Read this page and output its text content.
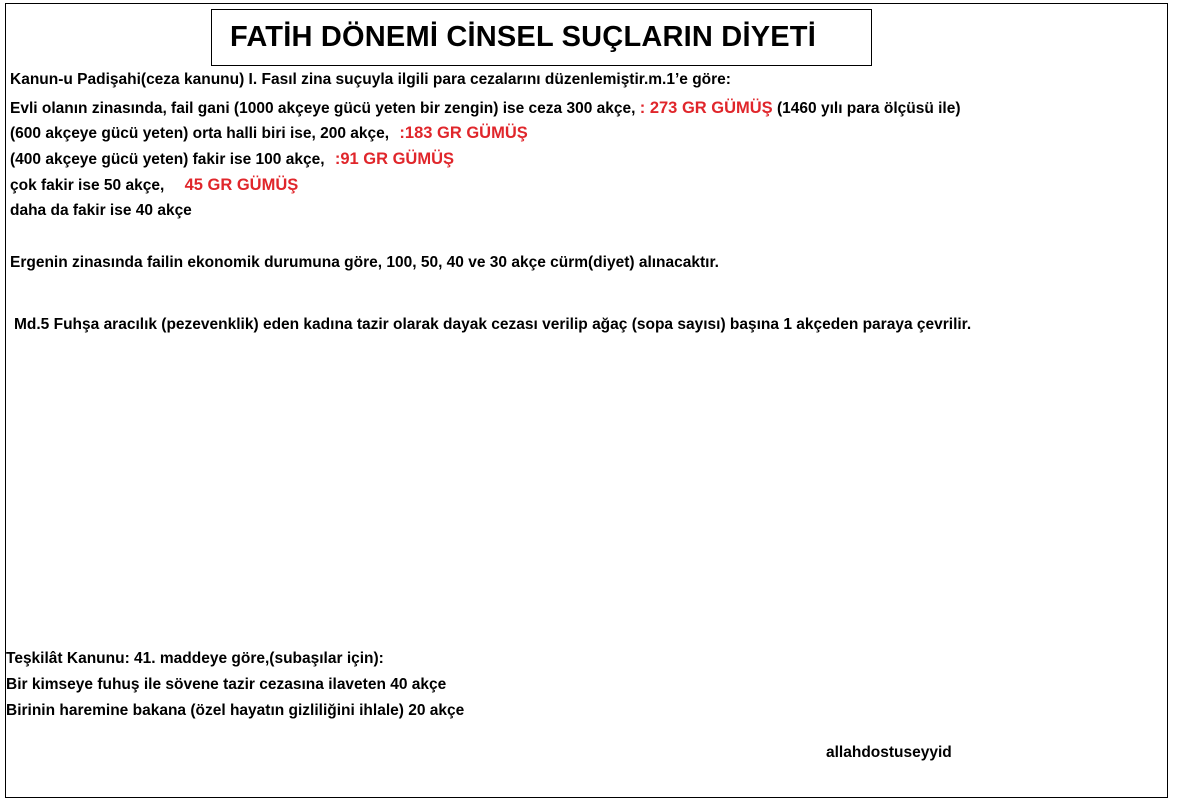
FATİH DÖNEMİ CİNSEL SUÇLARIN DİYETİ
Kanun-u Padişahi(ceza kanunu) I. Fasıl zina suçuyla ilgili para cezalarını düzenlemiştir.m.1’e göre:
Evli olanın zinasında, fail gani (1000 akçeye gücü yeten bir zengin) ise ceza 300 akçe, : 273 GR GÜMÜŞ (1460 yılı para ölçüsü ile)
(600 akçeye gücü yeten) orta halli biri ise, 200 akçe, :183 GR GÜMÜŞ
(400 akçeye gücü yeten) fakir ise 100 akçe, :91 GR GÜMÜŞ
çok fakir ise 50 akçe, 45 GR GÜMÜŞ
daha da fakir ise 40 akçe
Ergenin zinasında failin ekonomik durumuna göre, 100, 50, 40 ve 30 akçe cürm(diyet) alınacaktır.
Md.5 Fuhşa aracılık (pezevenklik) eden kadına tazir olarak dayak cezası verilip ağaç (sopa sayısı) başına 1 akçeden paraya çevrilir.
Teşkilât Kanunu: 41. maddeye göre,(subaşılar için):
Bir kimseye fuhuş ile sövene tazir cezasına ilaveten 40 akçe
Birinin haremine bakana (özel hayatın gizliliğini ihlale) 20 akçe
allahdostuseyyid
